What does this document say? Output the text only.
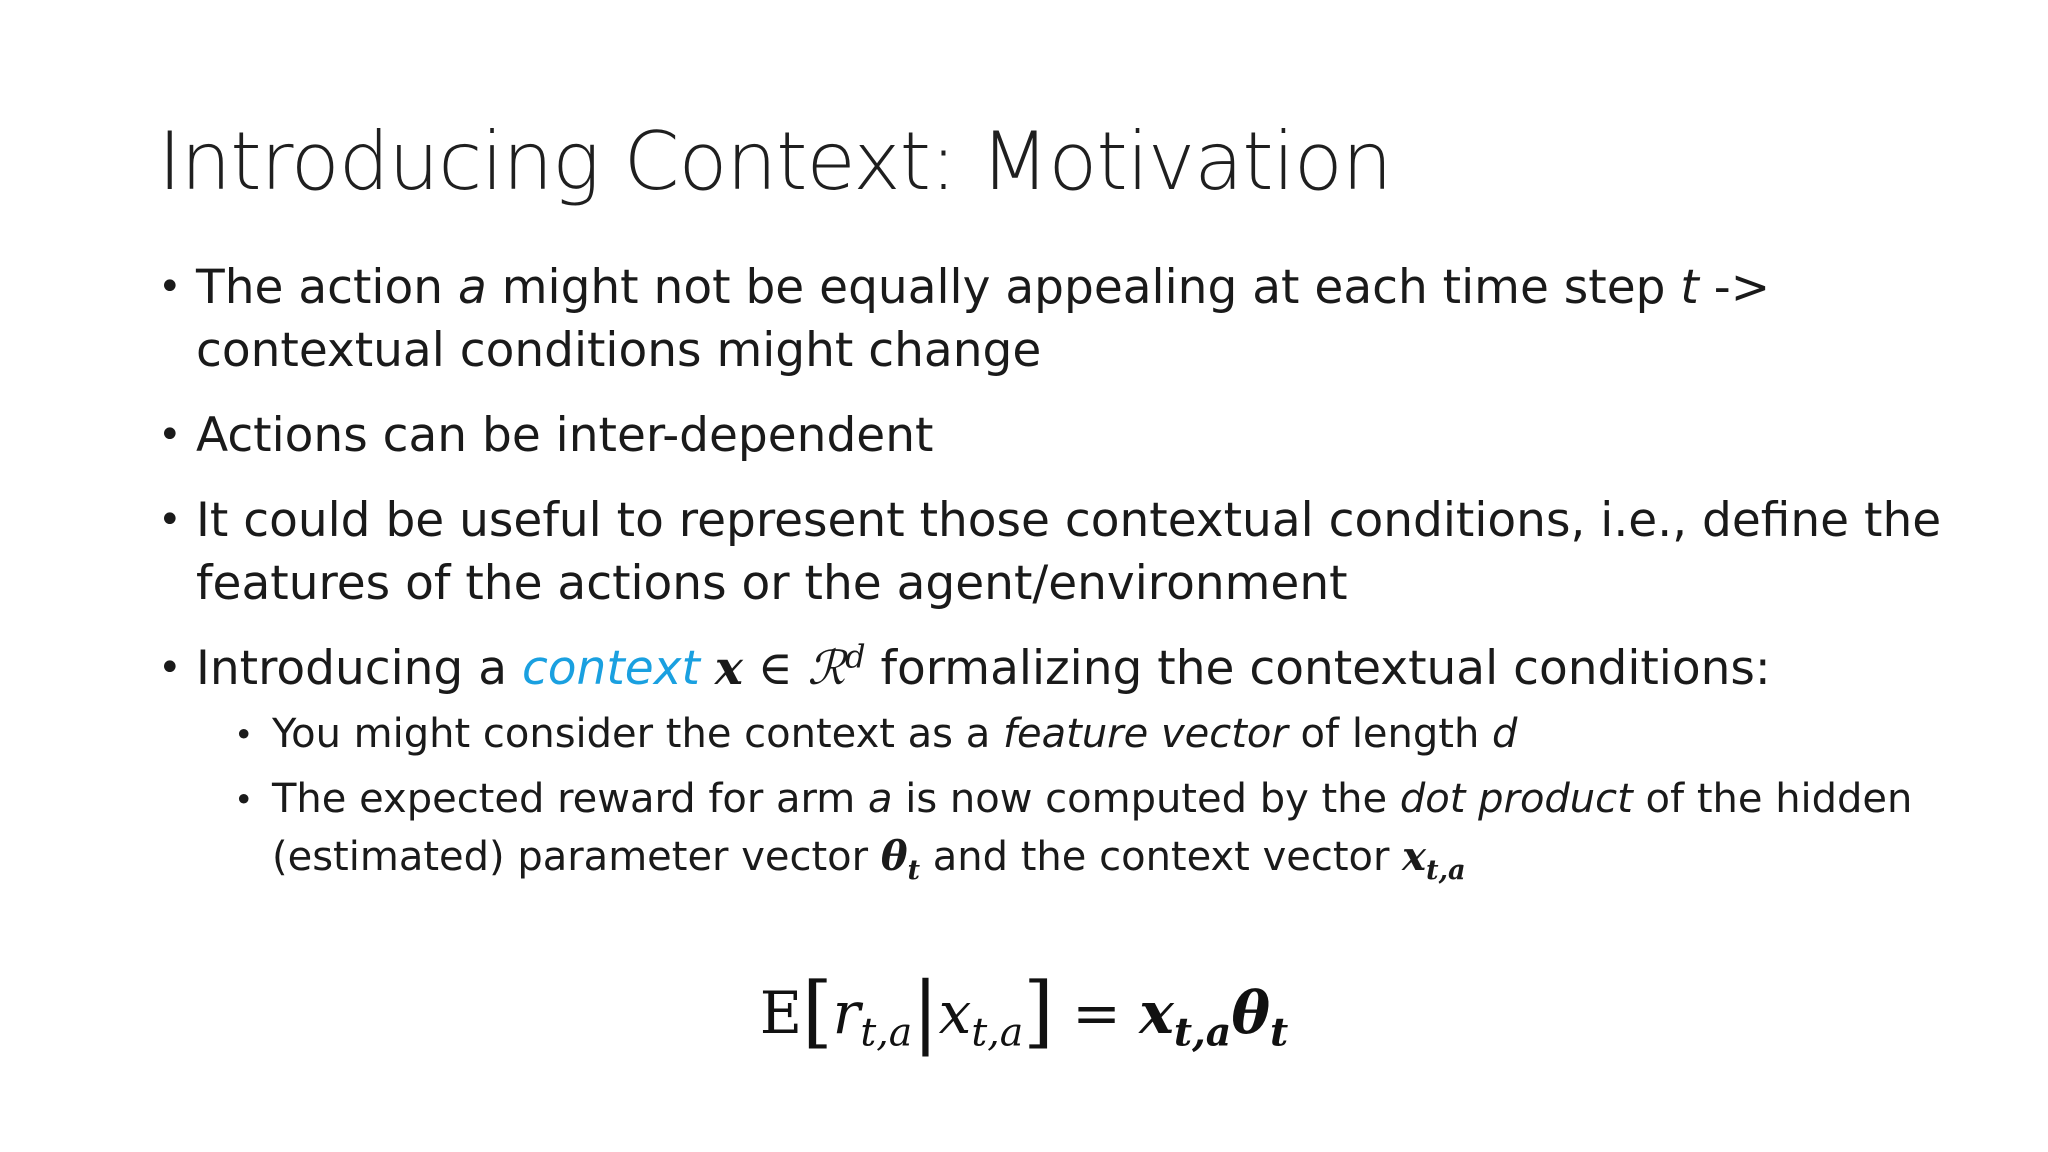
Introducing Context: Motivation
• The action a might not be equally appealing at each time step t -> contextual conditions might change
• Actions can be inter-dependent
• It could be useful to represent those contextual conditions, i.e., define the features of the actions or the agent/environment
• Introducing a context x ∈ ℛ$^d$ formalizing the contextual conditions:
• You might consider the context as a feature vector of length d
• The expected reward for arm a is now computed by the dot product of the hidden (estimated) parameter vector $\theta_t$ and the context vector $x_{t,a}$
$E[r_{t,a}|x_{t,a}] = x_{t,a}\theta_t$
